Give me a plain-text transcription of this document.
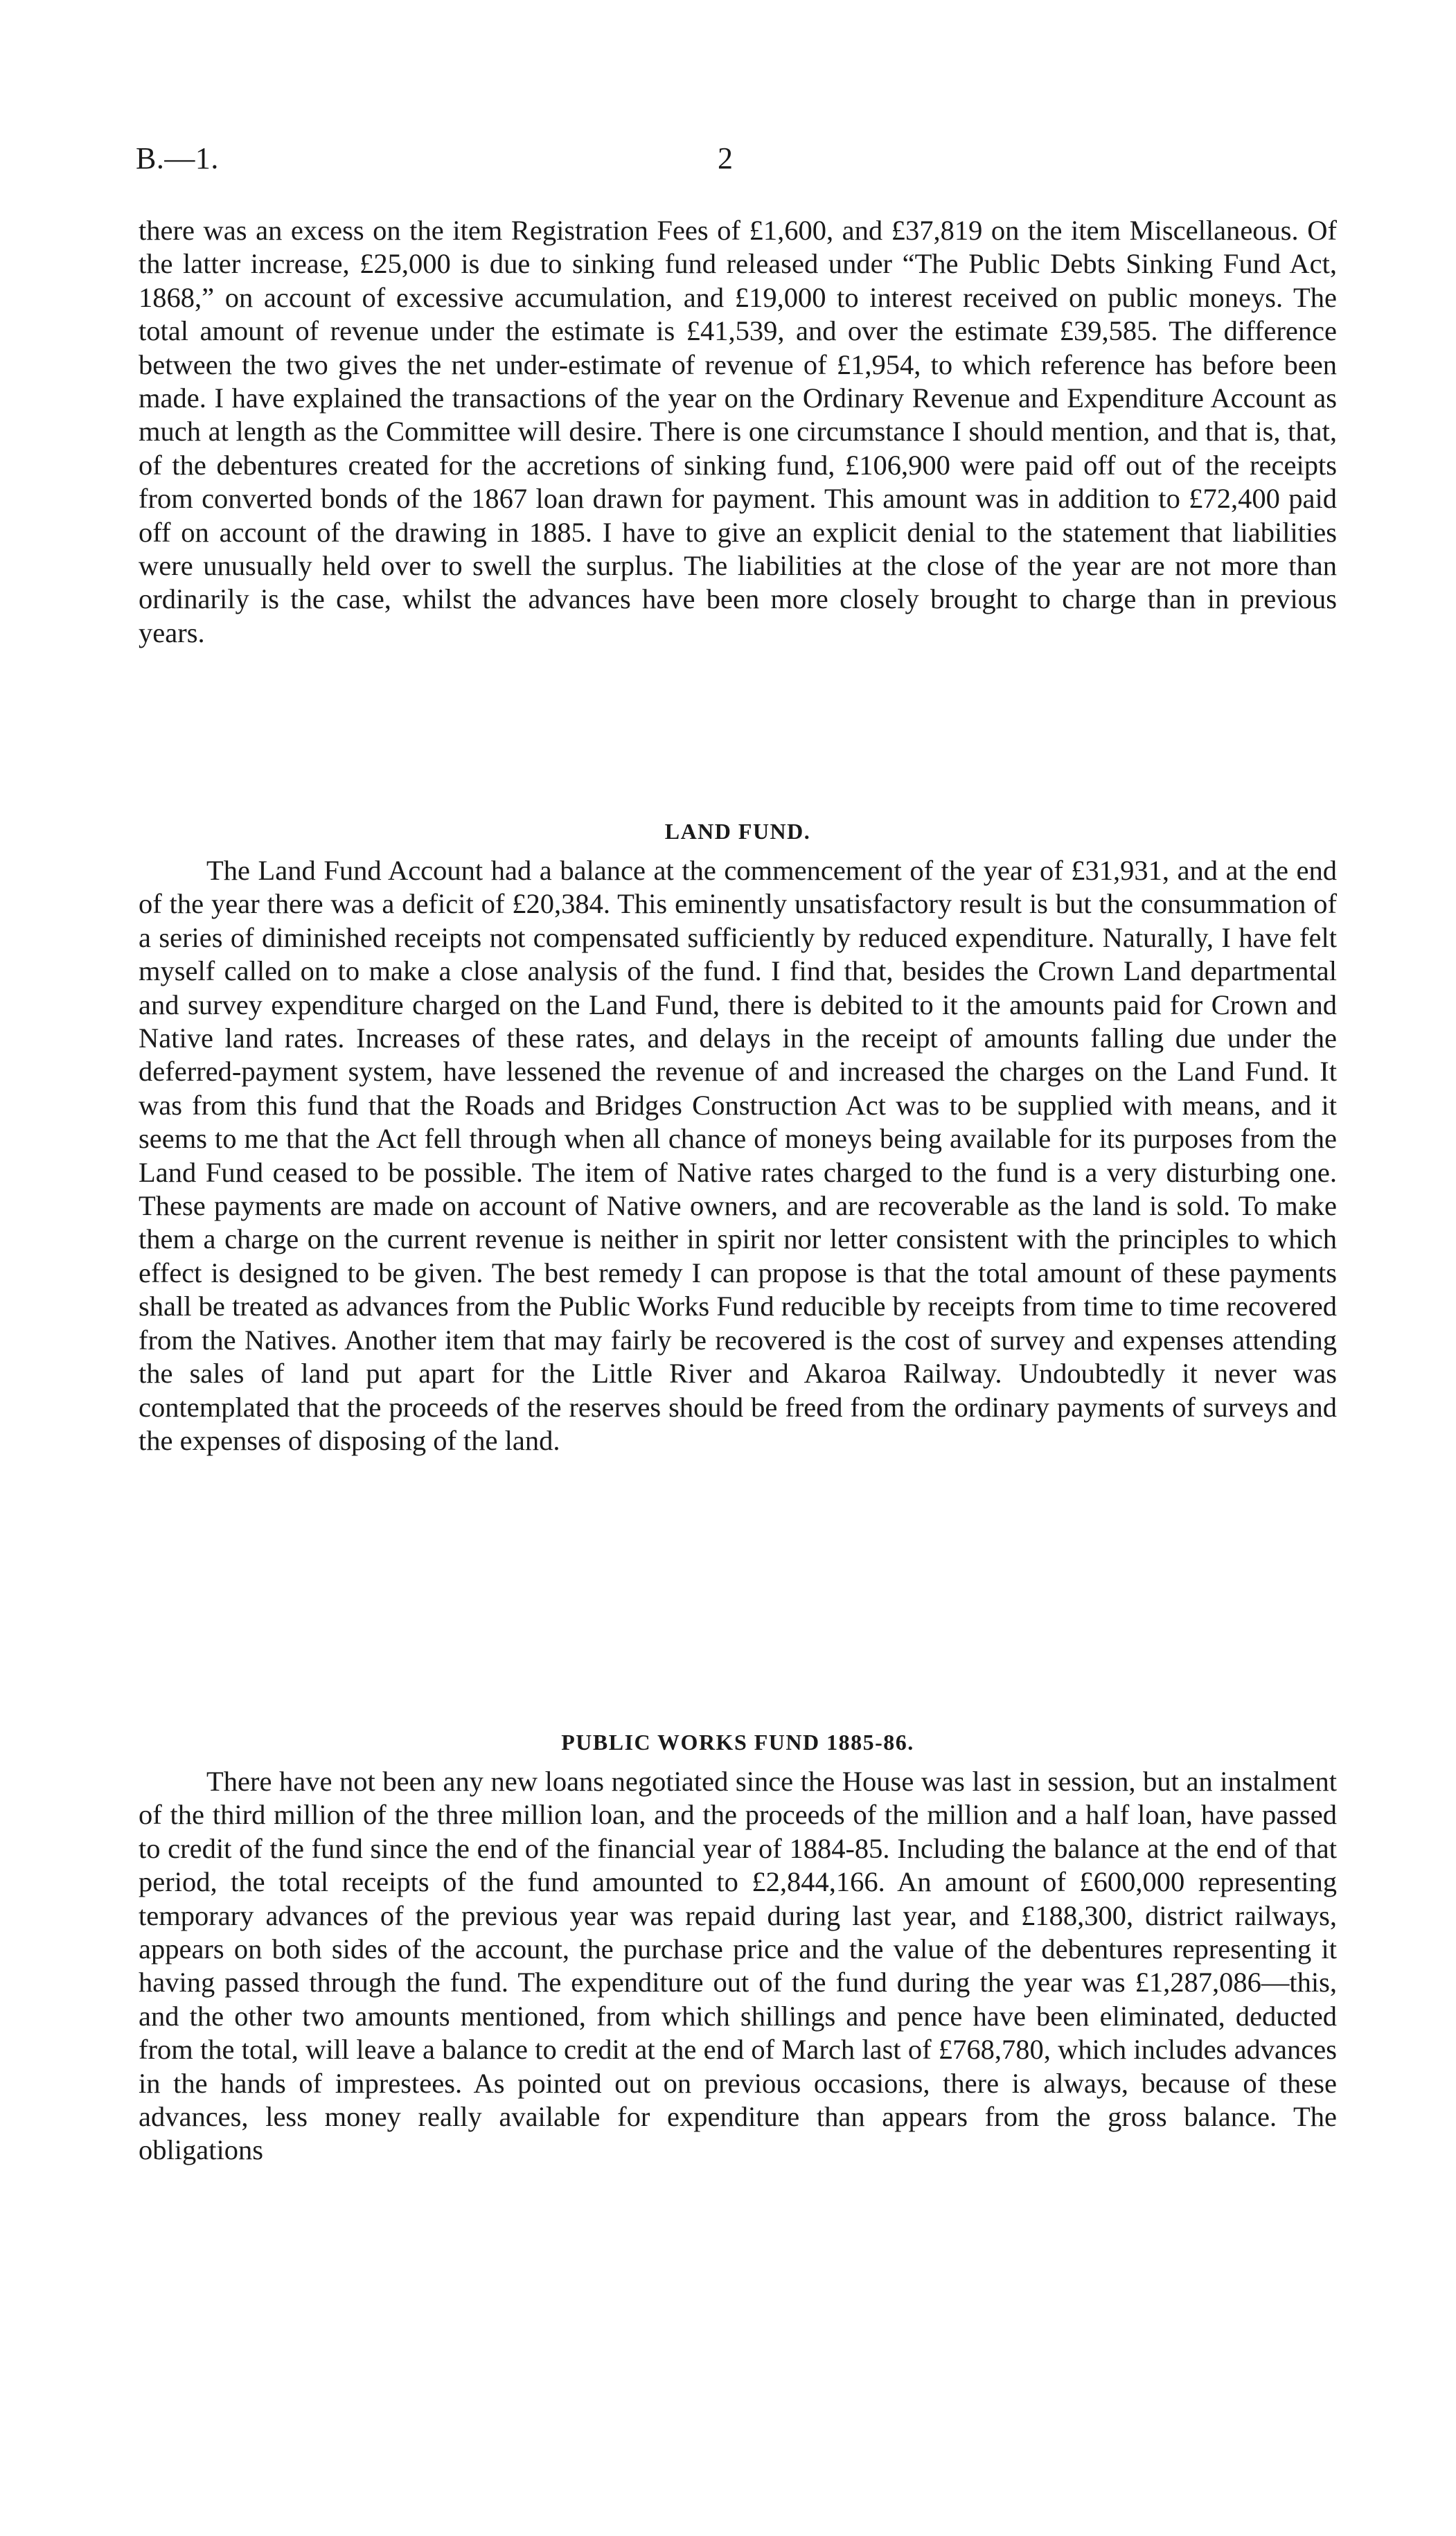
B.—1.	2

there was an excess on the item Registration Fees of £1,600, and £37,819 on the item Miscellaneous. Of the latter increase, £25,000 is due to sinking fund released under “The Public Debts Sinking Fund Act, 1868,” on account of excessive accumulation, and £19,000 to interest received on public moneys. The total amount of revenue under the estimate is £41,539, and over the estimate £39,585. The difference between the two gives the net under-estimate of revenue of £1,954, to which reference has before been made. I have explained the transactions of the year on the Ordinary Revenue and Expenditure Account as much at length as the Committee will desire. There is one circumstance I should mention, and that is, that, of the debentures created for the accretions of sinking fund, £106,900 were paid off out of the receipts from converted bonds of the 1867 loan drawn for payment. This amount was in addition to £72,400 paid off on account of the drawing in 1885. I have to give an explicit denial to the statement that liabilities were unusually held over to swell the surplus. The liabilities at the close of the year are not more than ordinarily is the case, whilst the advances have been more closely brought to charge than in previous years.

LAND FUND.

The Land Fund Account had a balance at the commencement of the year of £31,931, and at the end of the year there was a deficit of £20,384. This eminently unsatisfactory result is but the consummation of a series of diminished receipts not compensated sufficiently by reduced expenditure. Naturally, I have felt myself called on to make a close analysis of the fund. I find that, besides the Crown Land departmental and survey expenditure charged on the Land Fund, there is debited to it the amounts paid for Crown and Native land rates. Increases of these rates, and delays in the receipt of amounts falling due under the deferred-payment system, have lessened the revenue of and increased the charges on the Land Fund. It was from this fund that the Roads and Bridges Construction Act was to be supplied with means, and it seems to me that the Act fell through when all chance of moneys being available for its purposes from the Land Fund ceased to be possible. The item of Native rates charged to the fund is a very disturbing one. These payments are made on account of Native owners, and are recoverable as the land is sold. To make them a charge on the current revenue is neither in spirit nor letter consistent with the principles to which effect is designed to be given. The best remedy I can propose is that the total amount of these payments shall be treated as advances from the Public Works Fund reducible by receipts from time to time recovered from the Natives. Another item that may fairly be recovered is the cost of survey and expenses attending the sales of land put apart for the Little River and Akaroa Railway. Undoubtedly it never was contemplated that the proceeds of the reserves should be freed from the ordinary payments of surveys and the expenses of disposing of the land.

PUBLIC WORKS FUND 1885-86.

There have not been any new loans negotiated since the House was last in session, but an instalment of the third million of the three million loan, and the proceeds of the million and a half loan, have passed to credit of the fund since the end of the financial year of 1884-85. Including the balance at the end of that period, the total receipts of the fund amounted to £2,844,166. An amount of £600,000 representing temporary advances of the previous year was repaid during last year, and £188,300, district railways, appears on both sides of the account, the purchase price and the value of the debentures representing it having passed through the fund. The expenditure out of the fund during the year was £1,287,086—this, and the other two amounts mentioned, from which shillings and pence have been eliminated, deducted from the total, will leave a balance to credit at the end of March last of £768,780, which includes advances in the hands of imprestees. As pointed out on previous occasions, there is always, because of these advances, less money really available for expenditure than appears from the gross balance. The obligations
